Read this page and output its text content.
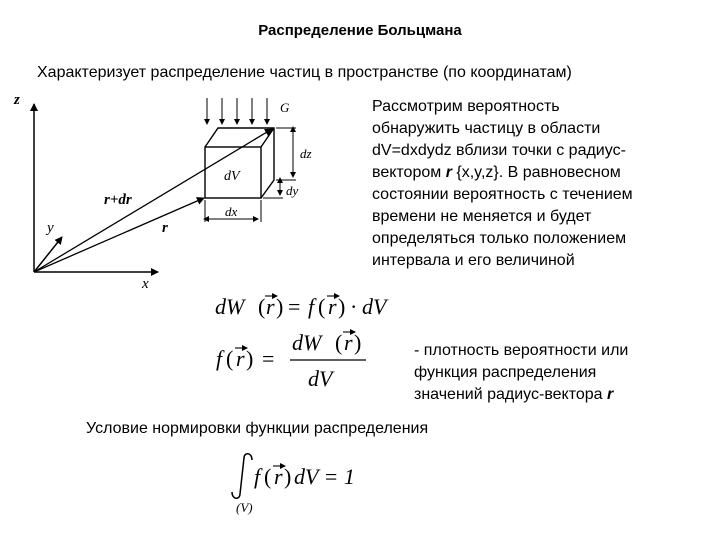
Распределение Больцмана
Характеризует распределение частиц в пространстве (по координатам)
Рассмотрим вероятность
обнаружить частицу в области
dV=dxdydz вблизи точки с радиус-
вектором r {x,y,z}. В равновесном
состоянии вероятность с течением
времени не меняется и будет
определяться только положением
интервала и его величиной
- плотность вероятности или
функция распределения
значений радиус-вектора r
Условие нормировки функции распределения
z
y
x
G
dV
dz
dy
dx
r+dr
r
dW ( r ) = f ( r ) · dV
f ( r ) =
dW ( r )
dV
f ( r ) dV = 1
(V)
